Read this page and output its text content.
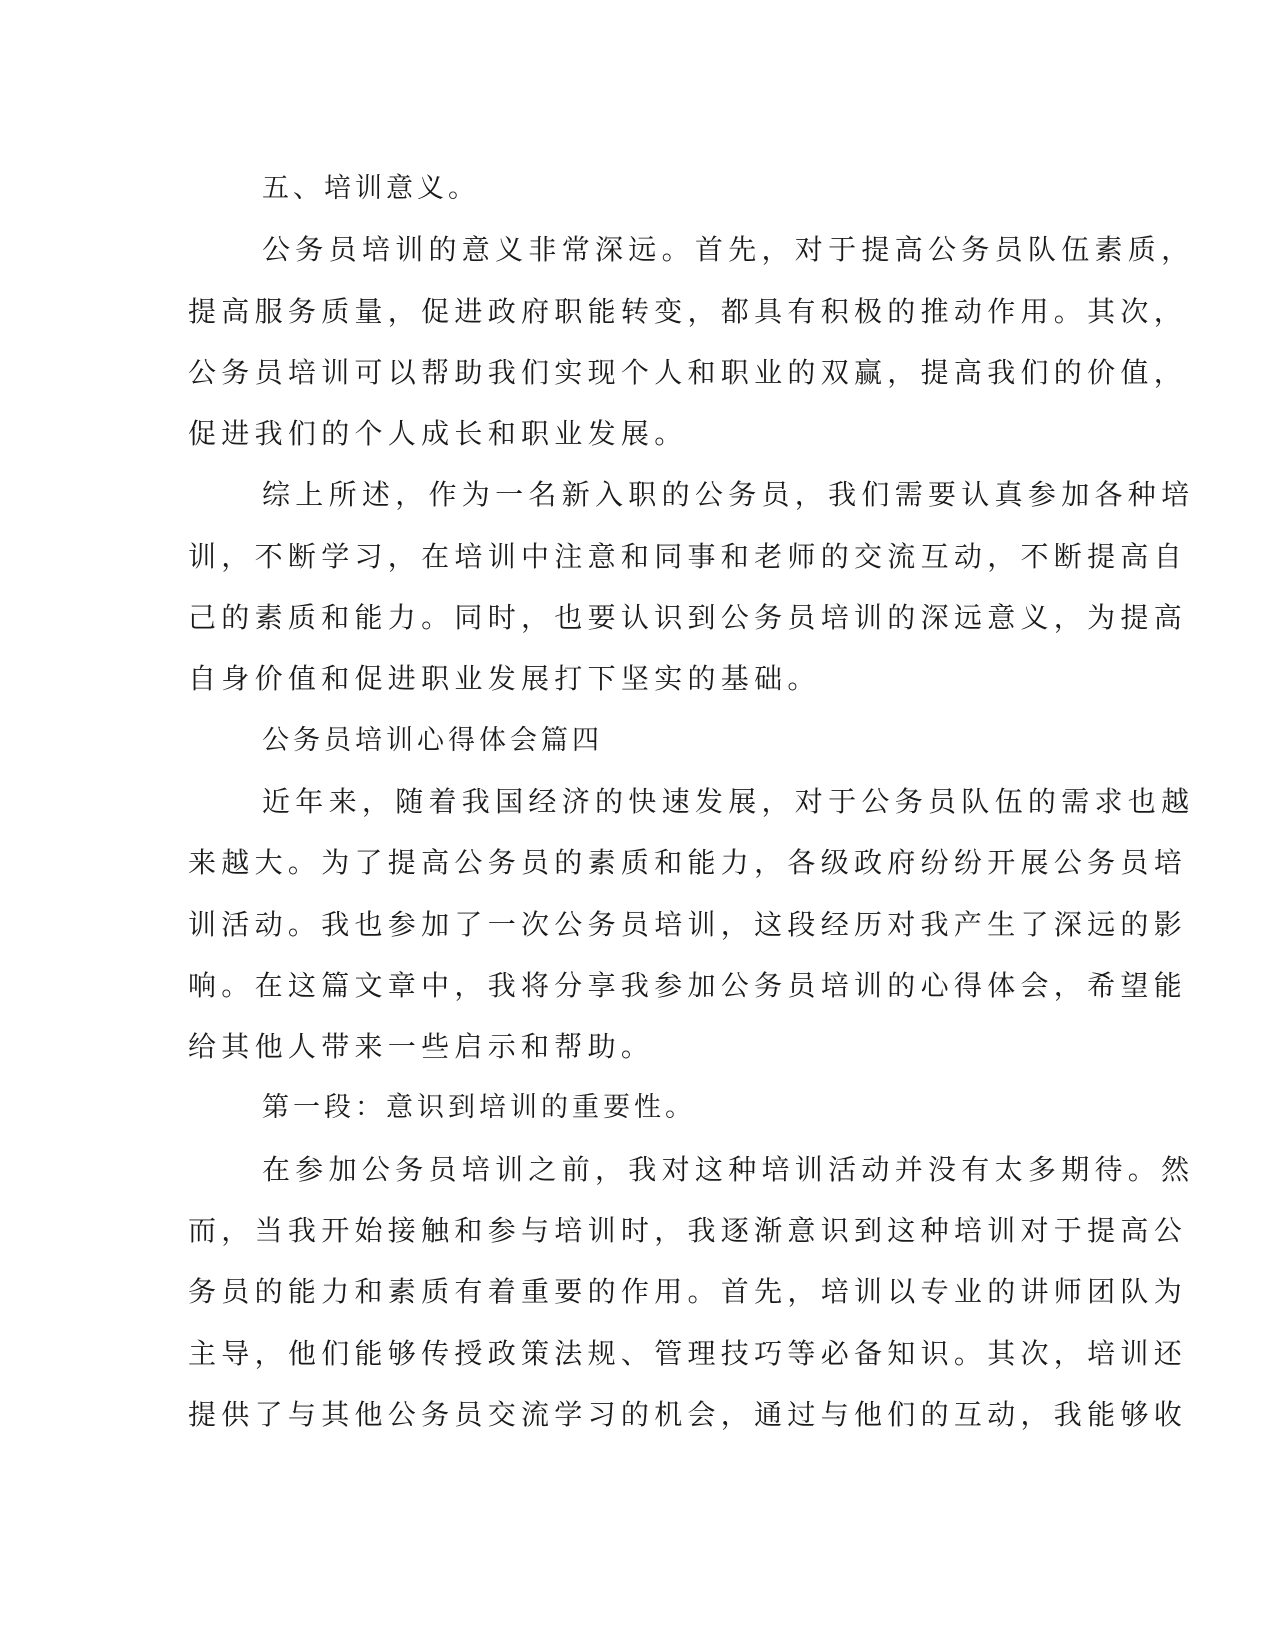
五、培训意义。
公务员培训的意义非常深远。首先，对于提高公务员队伍素质，
提高服务质量，促进政府职能转变，都具有积极的推动作用。其次，
公务员培训可以帮助我们实现个人和职业的双赢，提高我们的价值，
促进我们的个人成长和职业发展。
综上所述，作为一名新入职的公务员，我们需要认真参加各种培
训，不断学习，在培训中注意和同事和老师的交流互动，不断提高自
己的素质和能力。同时，也要认识到公务员培训的深远意义，为提高
自身价值和促进职业发展打下坚实的基础。
公务员培训心得体会篇四
近年来，随着我国经济的快速发展，对于公务员队伍的需求也越
来越大。为了提高公务员的素质和能力，各级政府纷纷开展公务员培
训活动。我也参加了一次公务员培训，这段经历对我产生了深远的影
响。在这篇文章中，我将分享我参加公务员培训的心得体会，希望能
给其他人带来一些启示和帮助。
第一段：意识到培训的重要性。
在参加公务员培训之前，我对这种培训活动并没有太多期待。然
而，当我开始接触和参与培训时，我逐渐意识到这种培训对于提高公
务员的能力和素质有着重要的作用。首先，培训以专业的讲师团队为
主导，他们能够传授政策法规、管理技巧等必备知识。其次，培训还
提供了与其他公务员交流学习的机会，通过与他们的互动，我能够收
